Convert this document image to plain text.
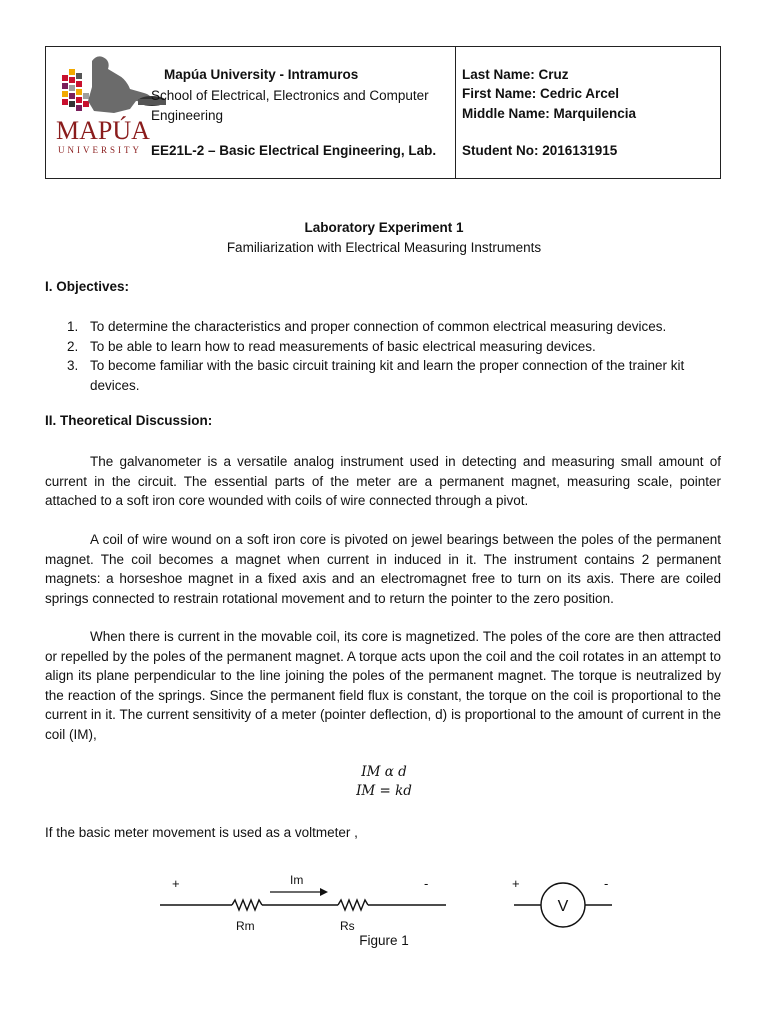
MAPÚA
UNIVERSITY
Mapúa University - Intramuros
School of Electrical, Electronics and Computer Engineering
EE21L-2 – Basic Electrical Engineering, Lab.
Last Name: Cruz
First Name: Cedric Arcel
Middle Name: Marquilencia
Student No: 2016131915
Laboratory Experiment 1
Familiarization with Electrical Measuring Instruments
I. Objectives:
1. To determine the characteristics and proper connection of common electrical measuring devices.
2. To be able to learn how to read measurements of basic electrical measuring devices.
3. To become familiar with the basic circuit training kit and learn the proper connection of the trainer kit devices.
II. Theoretical Discussion:

The galvanometer is a versatile analog instrument used in detecting and measuring small amount of current in the circuit. The essential parts of the meter are a permanent magnet, measuring scale, pointer attached to a soft iron core wounded with coils of wire connected through a pivot.

A coil of wire wound on a soft iron core is pivoted on jewel bearings between the poles of the permanent magnet. The coil becomes a magnet when current in induced in it. The instrument contains 2 permanent magnets: a horseshoe magnet in a fixed axis and an electromagnet free to turn on its axis. There are coiled springs connected to restrain rotational movement and to return the pointer to the zero position.

When there is current in the movable coil, its core is magnetized. The poles of the core are then attracted or repelled by the poles of the permanent magnet. A torque acts upon the coil and the coil rotates in an attempt to align its plane perpendicular to the line joining the poles of the permanent magnet. The torque is neutralized by the reaction of the springs. Since the permanent field flux is constant, the torque on the coil is proportional to the current in it. The current sensitivity of a meter (pointer deflection, d) is proportional to the amount of current in the coil (IM),

IM α d
IM = kd
If the basic meter movement is used as a voltmeter ,
+	-
Im
Rm	Rs
+	-
V
Figure 1
